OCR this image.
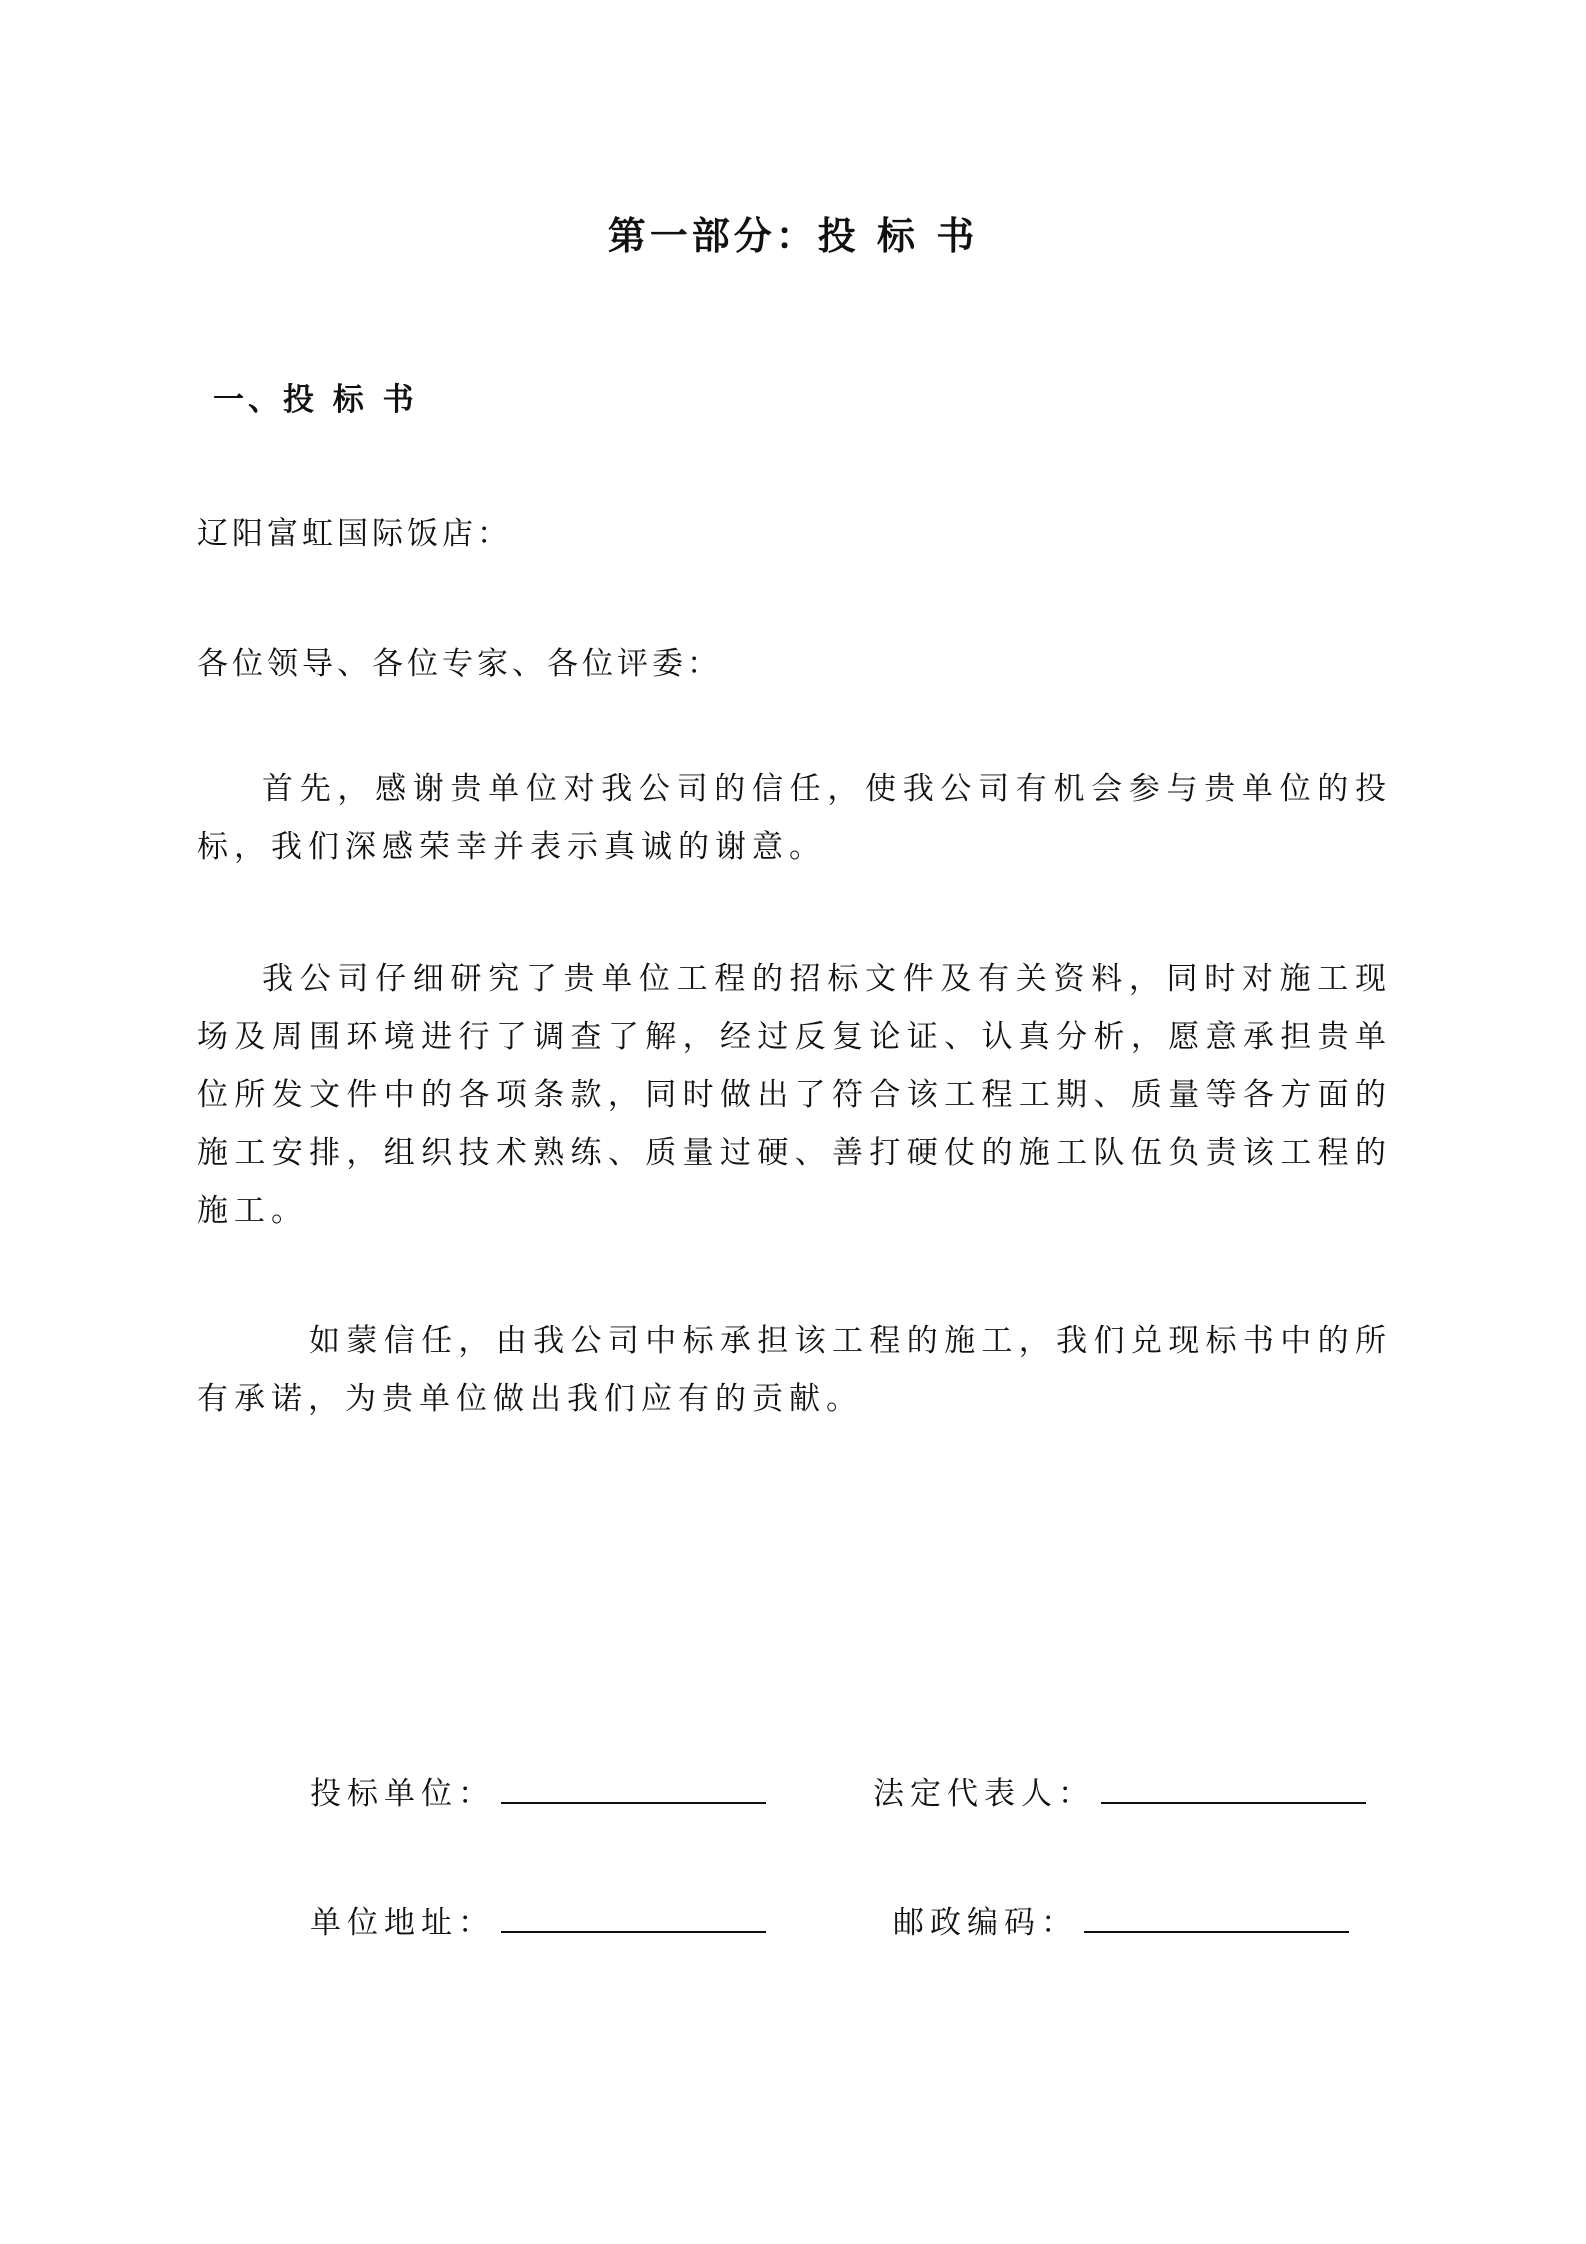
第一部分：投 标 书
一、投 标 书

辽阳富虹国际饭店：

各位领导、各位专家、各位评委：

首先，感谢贵单位对我公司的信任，使我公司有机会参与贵单位的投标，我们深感荣幸并表示真诚的谢意。

我公司仔细研究了贵单位工程的招标文件及有关资料，同时对施工现场及周围环境进行了调查了解，经过反复论证、认真分析，愿意承担贵单位所发文件中的各项条款，同时做出了符合该工程工期、质量等各方面的施工安排，组织技术熟练、质量过硬、善打硬仗的施工队伍负责该工程的施工。

如蒙信任，由我公司中标承担该工程的施工，我们兑现标书中的所有承诺，为贵单位做出我们应有的贡献。

投标单位：	法定代表人：
单位地址：	邮政编码：
